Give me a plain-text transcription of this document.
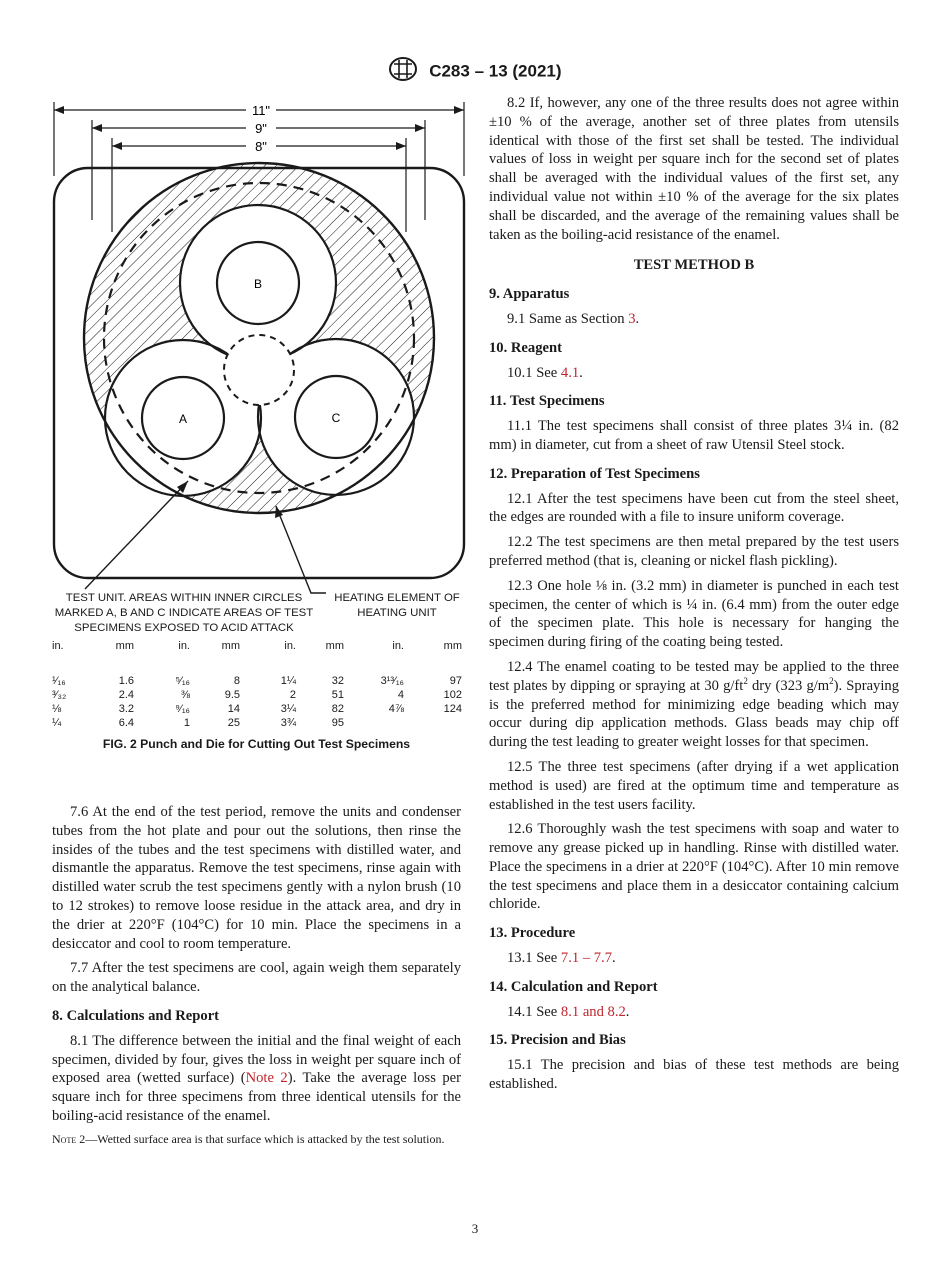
C283 – 13 (2021)
11"
9"
8"
B
A	C
TEST UNIT. AREAS WITHIN INNER CIRCLES
MARKED A, B AND C INDICATE AREAS OF TEST
SPECIMENS EXPOSED TO ACID ATTACK
HEATING ELEMENT OF
HEATING UNIT
in.	mm	in.	mm	in.	mm	in.	mm

¹⁄₁₆	1.6	⁵⁄₁₆	8	1¼	32	3¹³⁄₁₆	97
³⁄₃₂	2.4	⅜	9.5	2	51	4	102
⅛	3.2	⁹⁄₁₆	14	3¼	82	4⅞	124
¼	6.4	1	25	3¾	95		
FIG. 2 Punch and Die for Cutting Out Test Specimens

7.6 At the end of the test period, remove the units and condenser tubes from the hot plate and pour out the solutions, then rinse the insides of the tubes and the test specimens with distilled water, and dismantle the apparatus. Remove the test specimens, rinse again with distilled water scrub the test specimens gently with a nylon brush (10 to 12 strokes) to remove loose residue in the attack area, and dry in the drier at 220°F (104°C) for 10 min. Place the specimens in a desiccator and cool to room temperature.

7.7 After the test specimens are cool, again weigh them separately on the analytical balance.

8. Calculations and Report

8.1 The difference between the initial and the final weight of each specimen, divided by four, gives the loss in weight per square inch of exposed area (wetted surface) (Note 2). Take the average loss per square inch for three specimens from three identical utensils for the boiling-acid resistance of the enamel.

Note 2—Wetted surface area is that surface which is attacked by the test solution.

8.2 If, however, any one of the three results does not agree within ±10 % of the average, another set of three plates from utensils identical with those of the first set shall be tested. The individual values of loss in weight per square inch for the second set of plates shall be averaged with the individual values of the first set, any individual value not within ±10 % of the average for the six plates shall be discarded, and the average of the remaining values shall be taken as the boiling-acid resistance of the enamel.

TEST METHOD B
9. Apparatus

9.1 Same as Section 3.

10. Reagent

10.1 See 4.1.

11. Test Specimens

11.1 The test specimens shall consist of three plates 3¼ in. (82 mm) in diameter, cut from a sheet of raw Utensil Steel stock.

12. Preparation of Test Specimens

12.1 After the test specimens have been cut from the steel sheet, the edges are rounded with a file to insure uniform coverage.

12.2 The test specimens are then metal prepared by the test users preferred method (that is, cleaning or nickel flash pickling).

12.3 One hole ⅛ in. (3.2 mm) in diameter is punched in each test specimen, the center of which is ¼ in. (6.4 mm) from the outer edge of the specimen plate. This hole is necessary for hanging the specimen during firing of the coating being tested.

12.4 The enamel coating to be tested may be applied to the three test plates by dipping or spraying at 30 $g/ft^2$ dry (323 $g/m^2$). Spraying is the preferred method for minimizing edge beading which may occur during dip application methods. Glass beads may chip off during the test leading to greater weight losses for that specimen.

12.5 The three test specimens (after drying if a wet application method is used) are fired at the optimum time and temperature as established in the test users facility.

12.6 Thoroughly wash the test specimens with soap and water to remove any grease picked up in handling. Rinse with distilled water. Place the specimens in a drier at 220°F (104°C). After 10 min remove the test specimens and place them in a desiccator containing calcium chloride.

13. Procedure

13.1 See 7.1 – 7.7.

14. Calculation and Report

14.1 See 8.1 and 8.2.

15. Precision and Bias

15.1 The precision and bias of these test methods are being established.

3
